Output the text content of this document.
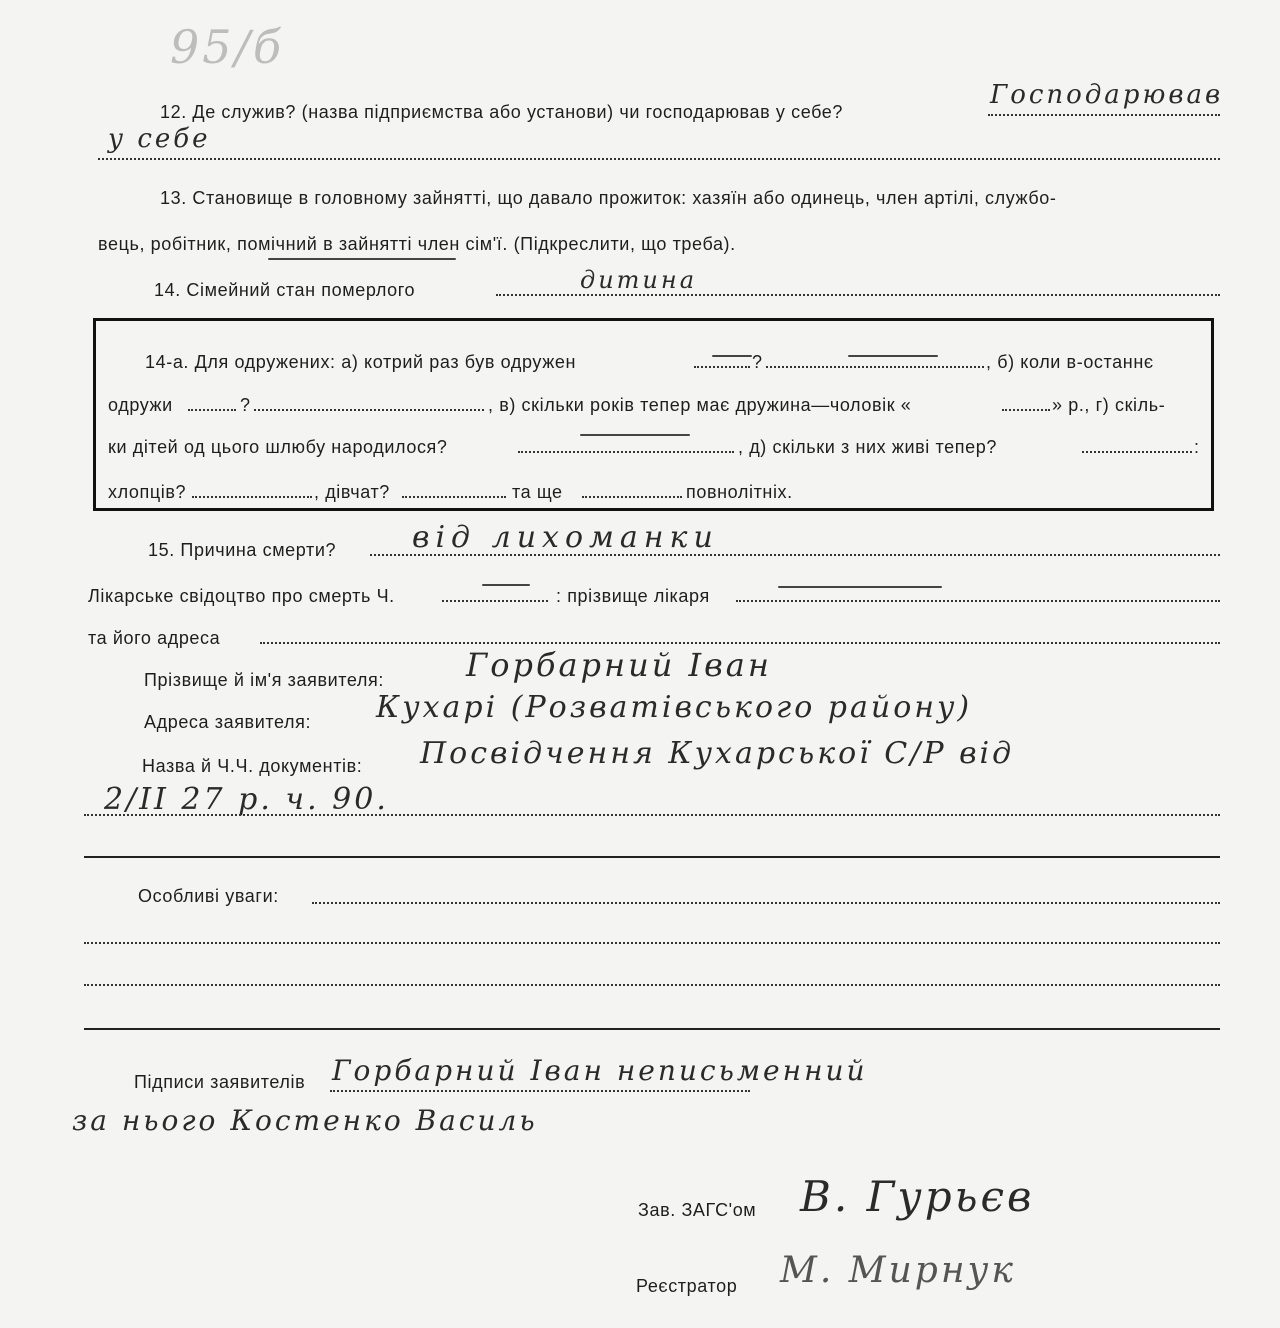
95/б
12. Де служив? (назва підприємства або установи) чи господарював у себе?
Господарював
у себе
13. Становище в головному зайнятті, що давало прожиток: хазяїн або одинець, член артілі, службо-
вець, робітник, помічний в зайнятті член сім'ї. (Підкреслити, що треба).
14. Сімейний стан померлого	дитина
14-а. Для одружених: а) котрий раз був одружен	?	, б) коли в-останнє
одружи	?	, в) скільки років тепер має дружина—чоловік «	» р., г) скіль-
ки дітей од цього шлюбу народилося?	, д) скільки з них живі тепер?	:
хлопців?	, дівчат?	та ще	повнолітніх.
15. Причина смерти?	від лихоманки
Лікарське свідоцтво про смерть Ч.	: прізвище лікаря
та його адреса
Прізвище й ім'я заявителя:	Горбарний Іван
Адреса заявителя: Кухарі (Розватівського району)
Назва й Ч.Ч. документів: Посвідчення Кухарської С/Р від
2/ІІ 27 р. ч. 90.
Особливі уваги:
Підписи заявителів Горбарний Іван неписьменний
за нього Костенко Василь
Зав. ЗАГС'ом В. Гурьєв
Реєстратор М. Мирнук
